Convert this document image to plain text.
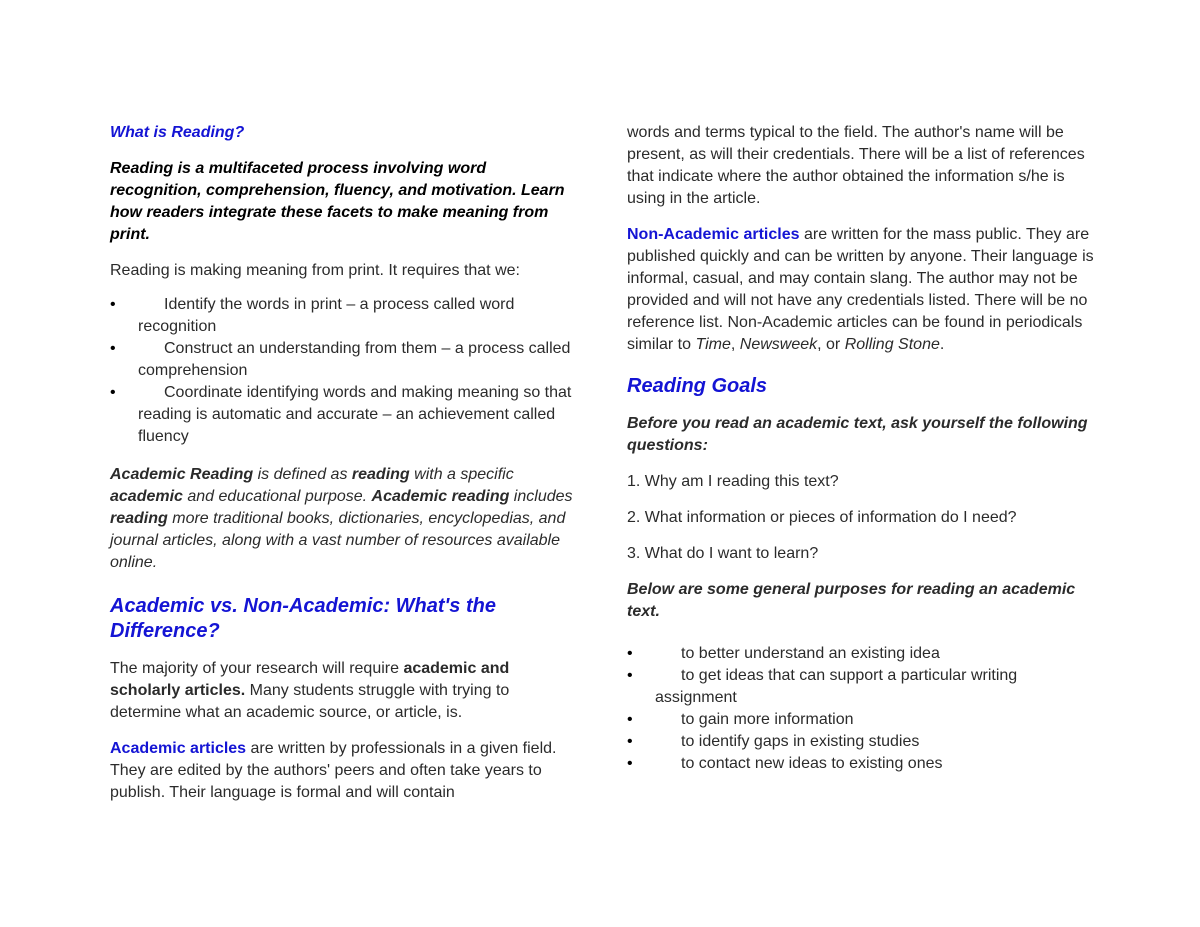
What is Reading?

Reading is a multifaceted process involving word recognition, comprehension, fluency, and motivation. Learn how readers integrate these facets to make meaning from print.

Reading is making meaning from print. It requires that we:

•	Identify the words in print – a process called word recognition
•	Construct an understanding from them – a process called comprehension
•	Coordinate identifying words and making meaning so that reading is automatic and accurate – an achievement called fluency

Academic Reading is defined as reading with a specific academic and educational purpose. Academic reading includes reading more traditional books, dictionaries, encyclopedias, and journal articles, along with a vast number of resources available online.

Academic vs. Non-Academic: What's the Difference?

The majority of your research will require academic and scholarly articles. Many students struggle with trying to determine what an academic source, or article, is.

Academic articles are written by professionals in a given field. They are edited by the authors' peers and often take years to publish. Their language is formal and will contain

words and terms typical to the field. The author's name will be present, as will their credentials. There will be a list of references that indicate where the author obtained the information s/he is using in the article.

Non-Academic articles are written for the mass public. They are published quickly and can be written by anyone. Their language is informal, casual, and may contain slang. The author may not be provided and will not have any credentials listed. There will be no reference list. Non-Academic articles can be found in periodicals similar to Time, Newsweek, or Rolling Stone.

Reading Goals

Before you read an academic text, ask yourself the following questions:

1. Why am I reading this text?

2. What information or pieces of information do I need?

3. What do I want to learn?

Below are some general purposes for reading an academic text.

•	to better understand an existing idea
•	to get ideas that can support a particular writing assignment
•	to gain more information
•	to identify gaps in existing studies
•	to contact new ideas to existing ones
